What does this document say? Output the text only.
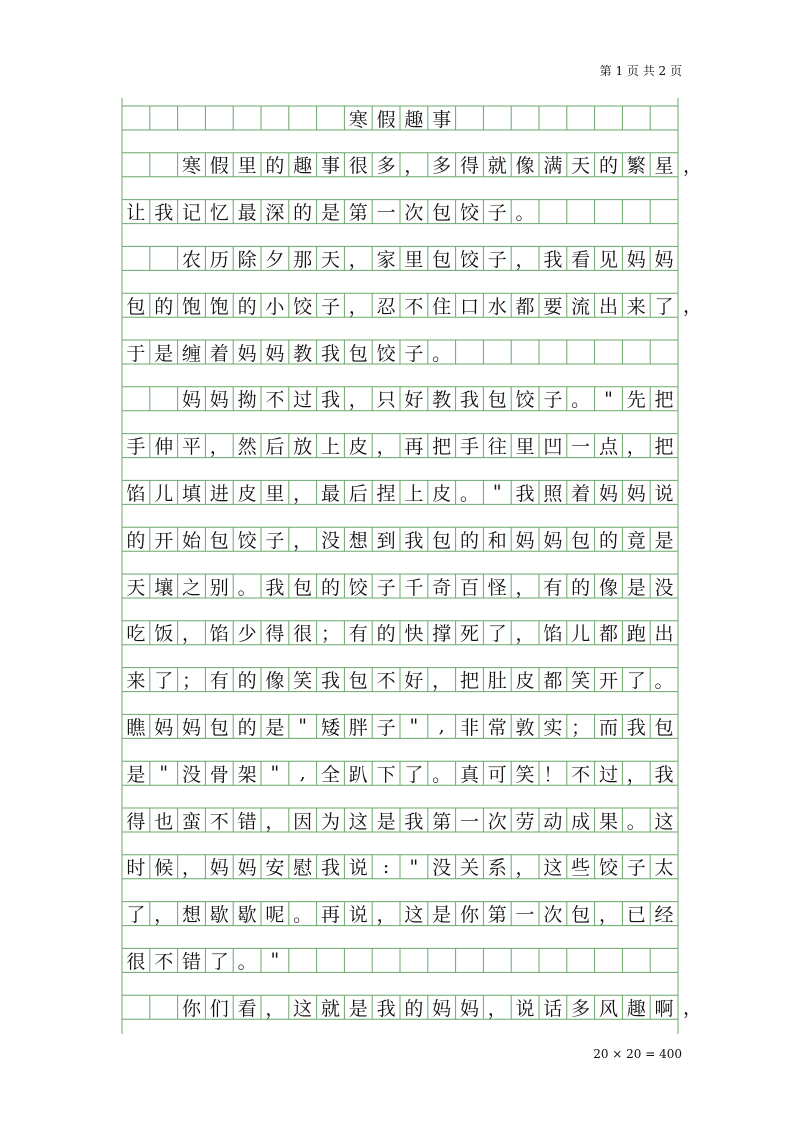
寒 假 趣 事
寒 假 里 的 趣 事 很 多 ， 多 得 就 像 满 天 的 繁 星 ，
让 我 记 忆 最 深 的 是 第 一 次 包 饺 子 。
农 历 除 夕 那 天 ， 家 里 包 饺 子 ， 我 看 见 妈 妈
包 的 饱 饱 的 小 饺 子 ， 忍 不 住 口 水 都 要 流 出 来 了 ，
于 是 缠 着 妈 妈 教 我 包 饺 子 。
妈 妈 拗 不 过 我 ， 只 好 教 我 包 饺 子 。 " 先 把
手 伸 平 ， 然 后 放 上 皮 ， 再 把 手 往 里 凹 一 点 ， 把
馅 儿 填 进 皮 里 ， 最 后 捏 上 皮 。 " 我 照 着 妈 妈 说
的 开 始 包 饺 子 ， 没 想 到 我 包 的 和 妈 妈 包 的 竟 是
天 壤 之 别 。 我 包 的 饺 子 千 奇 百 怪 ， 有 的 像 是 没
吃 饭 ， 馅 少 得 很 ； 有 的 快 撑 死 了 ， 馅 儿 都 跑 出
来 了 ； 有 的 像 笑 我 包 不 好 ， 把 肚 皮 都 笑 开 了 。
瞧 妈 妈 包 的 是 " 矮 胖 子 "	, 非 常 敦 实 ； 而 我 包
是 " 没 骨 架 "	, 全 趴 下 了 。 真 可 笑 ！ 不 过 ， 我
得 也 蛮 不 错 ， 因 为 这 是 我 第 一 次 劳 动 成 果 。 这
时 候 ， 妈 妈 安 慰 我 说 :	" 没 关 系 ， 这 些 饺 子 太
了 ， 想 歇 歇 呢 。 再 说 ， 这 是 你 第 一 次 包 ， 已 经
很 不 错 了 。 "
你 们 看 ， 这 就 是 我 的 妈 妈 ， 说 话 多 风 趣 啊 ，
第 1 页 共 2 页
20 × 20 = 400
